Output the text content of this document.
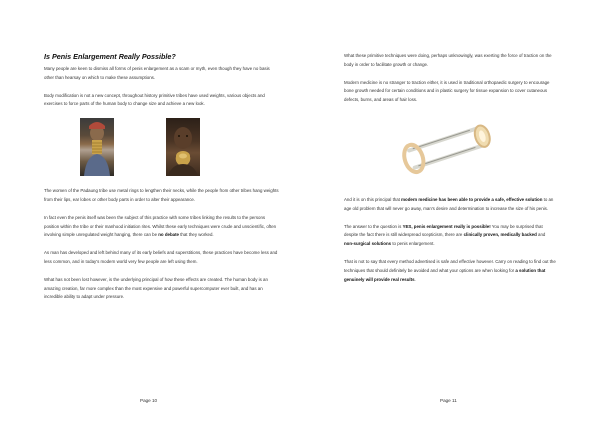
Is Penis Enlargement Really Possible?

Many people are keen to dismiss all forms of penis enlargement as a scam or myth, even though they have no basis other than hearsay on which to make these assumptions.

Body modification is not a new concept, throughout history primitive tribes have used weights, various objects and exercises to force parts of the human body to change size and achieve a new look.

The women of the Padaung tribe use metal rings to lengthen their necks, while the people from other tribes hang weights from their lips, ear lobes or other body parts in order to alter their appearance.

In fact even the penis itself was been the subject of this practice with some tribes linking the results to the persons position within the tribe or their manhood initiation rites. Whilst these early techniques were crude and unscientific, often involving simple unregulated weight hanging, there can be no debate that they worked.

As man has developed and left behind many of its early beliefs and superstitions, these practices have become less and less common, and in today's modern world very few people are left using them.

What has not been lost however, is the underlying principal of how these effects are created. The human body is an amazing creation, far more complex than the most expensive and powerful supercomputer ever built, and has an incredible ability to adapt under pressure.

Page 10

What these primitive techniques were doing, perhaps unknowingly, was exerting the force of traction on the body in order to facilitate growth or change.

Modern medicine is no stranger to traction either, it is used in traditional orthopaedic surgery to encourage bone growth needed for certain conditions and in plastic surgery for tissue expansion to cover cutaneous defects, burns, and areas of hair loss.

And it is on this principal that modern medicine has been able to provide a safe, effective solution to an age old problem that will never go away, man's desire and determination to increase the size of his penis.

The answer to the question is YES, penis enlargement really is possible! You may be surprised that despite the fact there is still widespread scepticism, there are clinically proven, medically backed and non-surgical solutions to penis enlargement.

That is not to say that every method advertised is safe and effective however. Carry on reading to find out the techniques that should definitely be avoided and what your options are when looking for a solution that genuinely will provide real results.

Page 11
